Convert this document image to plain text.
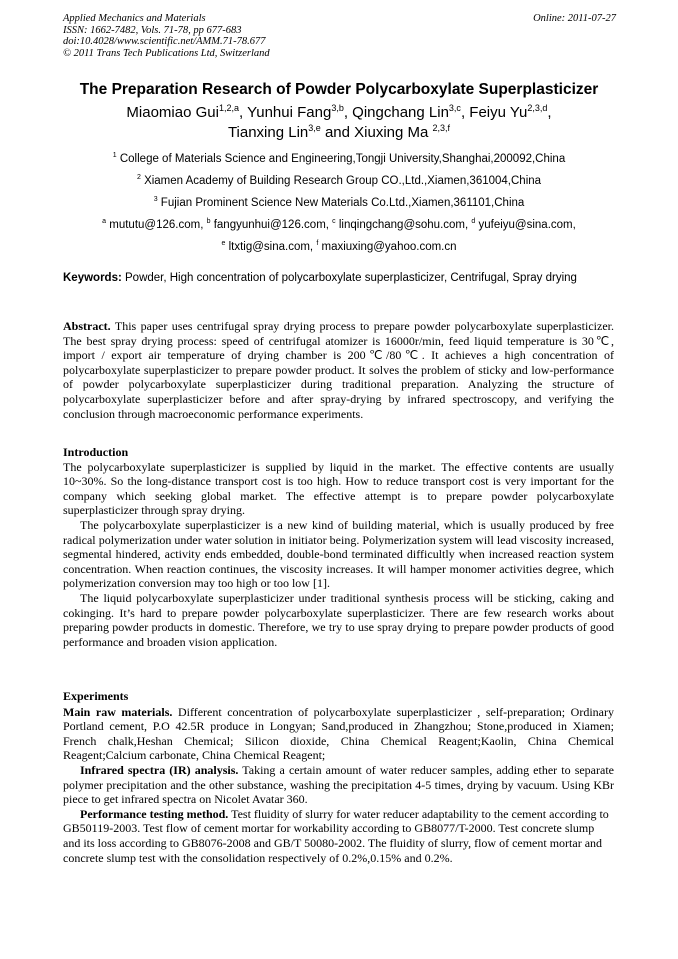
Applied Mechanics and Materials
ISSN: 1662-7482, Vols. 71-78, pp 677-683
doi:10.4028/www.scientific.net/AMM.71-78.677
© 2011 Trans Tech Publications Ltd, Switzerland
Online: 2011-07-27
The Preparation Research of Powder Polycarboxylate Superplasticizer
Miaomiao Gui$^{1,2,a}$, Yunhui Fang$^{3,b}$, Qingchang Lin$^{3,c}$, Feiyu Yu$^{2,3,d}$,
Tianxing Lin$^{3,e}$ and Xiuxing Ma $^{2,3,f}$
$^1$ College of Materials Science and Engineering,Tongji University,Shanghai,200092,China
$^2$ Xiamen Academy of Building Research Group CO.,Ltd.,Xiamen,361004,China
$^3$ Fujian Prominent Science New Materials Co.Ltd.,Xiamen,361101,China
$^a$ mututu@126.com, $^b$ fangyunhui@126.com, $^c$ linqingchang@sohu.com, $^d$ yufeiyu@sina.com,
$^e$ ltxtig@sina.com, $^f$ maxiuxing@yahoo.com.cn
Keywords: Powder, High concentration of polycarboxylate superplasticizer, Centrifugal, Spray drying

Abstract. This paper uses centrifugal spray drying process to prepare powder polycarboxylate superplasticizer. The best spray drying process: speed of centrifugal atomizer is 16000r/min, feed liquid temperature is 30℃, import / export air temperature of drying chamber is 200℃/80℃. It achieves a high concentration of polycarboxylate superplasticizer to prepare powder product. It solves the problem of sticky and low-performance of powder polycarboxylate superplasticizer during traditional preparation. Analyzing the structure of polycarboxylate superplasticizer before and after spray-drying by infrared spectroscopy, and verifying the conclusion through macroeconomic performance experiments.

Introduction

The polycarboxylate superplasticizer is supplied by liquid in the market. The effective contents are usually 10~30%. So the long-distance transport cost is too high. How to reduce transport cost is very important for the company which seeking global market. The effective attempt is to prepare powder polycarboxylate superplasticizer through spray drying.

The polycarboxylate superplasticizer is a new kind of building material, which is usually produced by free radical polymerization under water solution in initiator being. Polymerization system will lead viscosity increased, segmental hindered, activity ends embedded, double-bond terminated difficultly when increased reaction system concentration. When reaction continues, the viscosity increases. It will hamper monomer activities degree, which polymerization conversion may too high or too low [1].

The liquid polycarboxylate superplasticizer under traditional synthesis process will be sticking, caking and cokinging. It’s hard to prepare powder polycarboxylate superplasticizer. There are few research works about preparing powder products in domestic. Therefore, we try to use spray drying to prepare powder products of good performance and broaden vision application.

Experiments

Main raw materials. Different concentration of polycarboxylate superplasticizer , self-preparation; Ordinary Portland cement, P.O 42.5R produce in Longyan; Sand,produced in Zhangzhou; Stone,produced in Xiamen; French chalk,Heshan Chemical; Silicon dioxide, China Chemical Reagent;Kaolin, China Chemical Reagent;Calcium carbonate, China Chemical Reagent;

Infrared spectra (IR) analysis. Taking a certain amount of water reducer samples, adding ether to separate polymer precipitation and the other substance, washing the precipitation 4-5 times, drying by vacuum. Using KBr piece to get infrared spectra on Nicolet Avatar 360.

Performance testing method. Test fluidity of slurry for water reducer adaptability to the cement according to GB50119-2003. Test flow of cement mortar for workability according to GB8077/T-2000. Test concrete slump and its loss according to GB8076-2008 and GB/T 50080-2002. The fluidity of slurry, flow of cement mortar and concrete slump test with the consolidation respectively of 0.2%,0.15% and 0.2%.
